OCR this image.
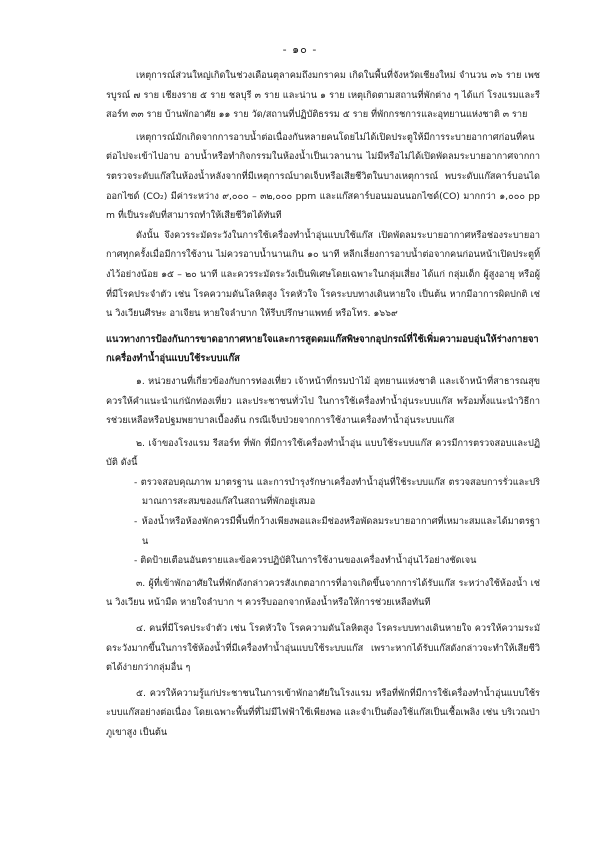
- ๑๐ -

เหตุการณ์ส่วนใหญ่เกิดในช่วงเดือนตุลาคมถึงมกราคม เกิดในพื้นที่จังหวัดเชียงใหม่ จำนวน ๓๖ ราย เพชรบูรณ์ ๗ ราย เชียงราย ๕ ราย ชลบุรี ๓ ราย และน่าน ๑ ราย เหตุเกิดตามสถานที่พักต่าง ๆ ได้แก่ โรงแรมและรีสอร์ท ๓๓ ราย บ้านพักอาศัย ๑๑ ราย วัด/สถานที่ปฏิบัติธรรม ๕ ราย ที่พักกรชการและอุทยานแห่งชาติ ๓ ราย

เหตุการณ์มักเกิดจากการอาบน้ำต่อเนื่องกันหลายคนโดยไม่ได้เปิดประตูให้มีการระบายอากาศก่อนที่คนต่อไปจะเข้าไปอาบ อาบน้ำหรือทำกิจกรรมในห้องน้ำเป็นเวลานาน ไม่มีหรือไม่ได้เปิดพัดลมระบายอากาศจากการตรวจระดับแก๊สในห้องน้ำหลังจากที่มีเหตุการณ์บาดเจ็บหรือเสียชีวิตในบางเหตุการณ์ พบระดับแก๊สคาร์บอนไดออกไซด์ (CO₂) มีค่าระหว่าง ๙,๐๐๐ – ๓๒,๐๐๐ ppm และแก๊สคาร์บอนมอนนอกไซด์(CO) มากกว่า ๑,๐๐๐ ppm ที่เป็นระดับที่สามารถทำให้เสียชีวิตได้ทันที

ดังนั้น จึงควรระมัดระวังในการใช้เครื่องทำน้ำอุ่นแบบใช้แก๊ส เปิดพัดลมระบายอากาศหรือช่องระบายอากาศทุกครั้งเมื่อมีการใช้งาน ไม่ควรอาบน้ำนานเกิน ๑๐ นาที หลีกเลี่ยงการอาบน้ำต่อจากคนก่อนหน้าเปิดประตูทิ้งไว้อย่างน้อย ๑๕ – ๒๐ นาที และควรระมัดระวังเป็นพิเศษโดยเฉพาะในกลุ่มเสี่ยง ได้แก่ กลุ่มเด็ก ผู้สูงอายุ หรือผู้ที่มีโรคประจำตัว เช่น โรคความดันโลหิตสูง โรคหัวใจ โรคระบบทางเดินหายใจ เป็นต้น หากมีอาการผิดปกติ เช่น วิงเวียนศีรษะ อาเจียน หายใจลำบาก ให้รีบปรึกษาแพทย์ หรือโทร. ๑๖๖๙

แนวทางการป้องกันการขาดอากาศหายใจและการสูดดมแก๊สพิษจากอุปกรณ์ที่ใช้เพิ่มความอบอุ่นให้ร่างกายจากเครื่องทำน้ำอุ่นแบบใช้ระบบแก๊ส

๑. หน่วยงานที่เกี่ยวข้องกับการท่องเที่ยว เจ้าหน้าที่กรมป่าไม้ อุทยานแห่งชาติ และเจ้าหน้าที่สาธารณสุข ควรให้คำแนะนำแก่นักท่องเที่ยว และประชาชนทั่วไป ในการใช้เครื่องทำน้ำอุ่นระบบแก๊ส พร้อมทั้งแนะนำวิธีการช่วยเหลือหรือปฐมพยาบาลเบื้องต้น กรณีเจ็บป่วยจากการใช้งานเครื่องทำน้ำอุ่นระบบแก๊ส

๒. เจ้าของโรงแรม รีสอร์ท ที่พัก ที่มีการใช้เครื่องทำน้ำอุ่น แบบใช้ระบบแก๊ส ควรมีการตรวจสอบและปฏิบัติ ดังนี้

- ตรวจสอบคุณภาพ มาตรฐาน และการบำรุงรักษาเครื่องทำน้ำอุ่นที่ใช้ระบบแก๊ส ตรวจสอบการรั่วและปริมาณการสะสมของแก๊สในสถานที่พักอยู่เสมอ

- ห้องน้ำหรือห้องพักควรมีพื้นที่กว้างเพียงพอและมีช่องหรือพัดลมระบายอากาศที่เหมาะสมและได้มาตรฐาน

- ติดป้ายเตือนอันตรายและข้อควรปฏิบัติในการใช้งานของเครื่องทำน้ำอุ่นไว้อย่างชัดเจน

๓. ผู้ที่เข้าพักอาศัยในที่พักดังกล่าวควรสังเกตอาการที่อาจเกิดขึ้นจากการได้รับแก๊ส ระหว่างใช้ห้องน้ำ เช่น วิงเวียน หน้ามืด หายใจลำบาก ฯ ควรรีบออกจากห้องน้ำหรือให้การช่วยเหลือทันที

๔. คนที่มีโรคประจำตัว เช่น โรคหัวใจ โรคความดันโลหิตสูง โรคระบบทางเดินหายใจ ควรให้ความระมัดระวังมากขึ้นในการใช้ห้องน้ำที่มีเครื่องทำน้ำอุ่นแบบใช้ระบบแก๊ส เพราะหากได้รับแก๊สดังกล่าวจะทำให้เสียชีวิตได้ง่ายกว่ากลุ่มอื่น ๆ

๕. ควรให้ความรู้แก่ประชาชนในการเข้าพักอาศัยในโรงแรม หรือที่พักที่มีการใช้เครื่องทำน้ำอุ่นแบบใช้ระบบแก๊สอย่างต่อเนื่อง โดยเฉพาะพื้นที่ที่ไม่มีไฟฟ้าใช้เพียงพอ และจำเป็นต้องใช้แก๊สเป็นเชื้อเพลิง เช่น บริเวณป่าภูเขาสูง เป็นต้น
